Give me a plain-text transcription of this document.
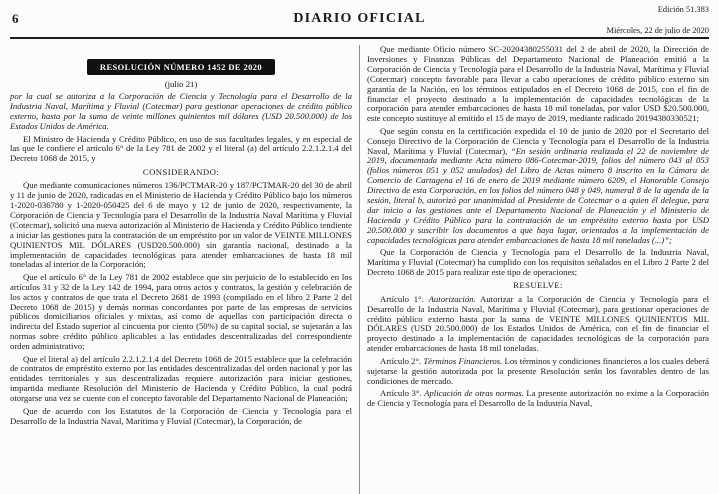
6	DIARIO OFICIAL
Edición 51.383
Miércoles, 22 de julio de 2020
RESOLUCIÓN NÚMERO 1452 DE 2020

(julio 21)

por la cual se autoriza a la Corporación de Ciencia y Tecnología para el Desarrollo de la Industria Naval, Marítima y Fluvial (Cotecmar) para gestionar operaciones de crédito público externo, hasta por la suma de veinte millones quinientos mil dólares (USD 20.500.000) de los Estados Unidos de América.

El Ministro de Hacienda y Crédito Público, en uso de sus facultades legales, y en especial de las que le confiere el artículo 6° de la Ley 781 de 2002 y el literal (a) del artículo 2.2.1.2.1.4 del Decreto 1068 de 2015, y

CONSIDERANDO:

Que mediante comunicaciones números 136/PCTMAR-20 y 187/PCTMAR-20 del 30 de abril y 11 de junio de 2020, radicadas en el Ministerio de Hacienda y Crédito Público bajo los números 1-2020-036780 y 1-2020-050425 del 6 de mayo y 12 de junio de 2020, respectivamente, la Corporación de Ciencia y Tecnología para el Desarrollo de la Industria Naval Marítima y Fluvial (Cotecmar), solicitó una nueva autorización al Ministerio de Hacienda y Crédito Público tendiente a iniciar las gestiones para la contratación de un empréstito por un valor de VEINTE MILLONES QUINIENTOS MIL DÓLARES (USD20.500.000) sin garantía nacional, destinado a la implementación de capacidades tecnológicas para atender embarcaciones de hasta 18 mil toneladas al interior de la Corporación;

Que el artículo 6° de la Ley 781 de 2002 establece que sin perjuicio de lo establecido en los artículos 31 y 32 de la Ley 142 de 1994, para otros actos y contratos, la gestión y celebración de los actos y contratos de que trata el Decreto 2681 de 1993 (compilado en el libro 2 Parte 2 del Decreto 1068 de 2015) y demás normas concordantes por parte de las empresas de servicios públicos domiciliarios oficiales y mixtas, así como de aquellas con participación directa o indirecta del Estado superior al cincuenta por ciento (50%) de su capital social, se sujetarán a las normas sobre crédito público aplicables a las entidades descentralizadas del correspondiente orden administrativo;

Que el literal a) del artículo 2.2.1.2.1.4 del Decreto 1068 de 2015 establece que la celebración de contratos de empréstito externo por las entidades descentralizadas del orden nacional y por las entidades territoriales y sus descentralizadas requiere autorización para iniciar gestiones, impartida mediante Resolución del Ministerio de Hacienda y Crédito Público, la cual podrá otorgarse una vez se cuente con el concepto favorable del Departamento Nacional de Planeación;

Que de acuerdo con los Estatutos de la Corporación de Ciencia y Tecnología para el Desarrollo de la Industria Naval, Marítima y Fluvial (Cotecmar), la Corporación, de

Que mediante Oficio número SC-20204380255031 del 2 de abril de 2020, la Dirección de Inversiones y Finanzas Públicas del Departamento Nacional de Planeación emitió a la Corporación de Ciencia y Tecnología para el Desarrollo de la Industria Naval, Marítima y Fluvial (Cotecmar) concepto favorable para llevar a cabo operaciones de crédito público externo sin garantía de la Nación, en los términos estipulados en el Decreto 1068 de 2015, con el fin de financiar el proyecto destinado a la implementación de capacidades tecnológicas de la corporación para atender embarcaciones de hasta 18 mil toneladas, por valor USD $20.500.000, este concepto sustituye al emitido el 15 de mayo de 2019, mediante radicado 20194380330521;

Que según consta en la certificación expedida el 10 de junio de 2020 por el Secretario del Consejo Directivo de la Corporación de Ciencia y Tecnología para el Desarrollo de la Industria Naval, Marítima y Fluvial (Cotecmar), “En sesión ordinaria realizada el 22 de noviembre de 2019, documentada mediante Acta número 086-Cotecmar-2019, folios del número 043 al 053 (folios números 051 y 052 anulados) del Libro de Actas número 8 inscrito en la Cámara de Comercio de Cartagena el 16 de enero de 2019 mediante número 6209, el Honorable Consejo Directivo de esta Corporación, en los folios del número 048 y 049, numeral 8 de la agenda de la sesión, literal b, autorizó por unanimidad al Presidente de Cotecmar o a quien él delegue, para dar inicio a las gestiones ante el Departamento Nacional de Planeación y el Ministerio de Hacienda y Crédito Público para la contratación de un empréstito externo hasta por USD 20.500.000 y suscribir los documentos a que haya lugar, orientados a la implementación de capacidades tecnológicas para atender embarcaciones de hasta 18 mil toneladas (...)”;

Que la Corporación de Ciencia y Tecnología para el Desarrollo de la Industria Naval, Marítima y Fluvial (Cotecmar) ha cumplido con los requisitos señalados en el Libro 2 Parte 2 del Decreto 1068 de 2015 para realizar este tipo de operaciones;

RESUELVE:

Artículo 1°. Autorización. Autorizar a la Corporación de Ciencia y Tecnología para el Desarrollo de la Industria Naval, Marítima y Fluvial (Cotecmar), para gestionar operaciones de crédito público externo hasta por la suma de VEINTE MILLONES QUINIENTOS MIL DÓLARES (USD 20.500.000) de los Estados Unidos de América, con el fin de financiar el proyecto destinado a la implementación de capacidades tecnológicas de la corporación para atender embarcaciones de hasta 18 mil toneladas.

Artículo 2°. Términos Financieros. Los términos y condiciones financieros a los cuales deberá sujetarse la gestión autorizada por la presente Resolución serán los favorables dentro de las condiciones de mercado.

Artículo 3°. Aplicación de otras normas. La presente autorización no exime a la Corporación de Ciencia y Tecnología para el Desarrollo de la Industria Naval,
